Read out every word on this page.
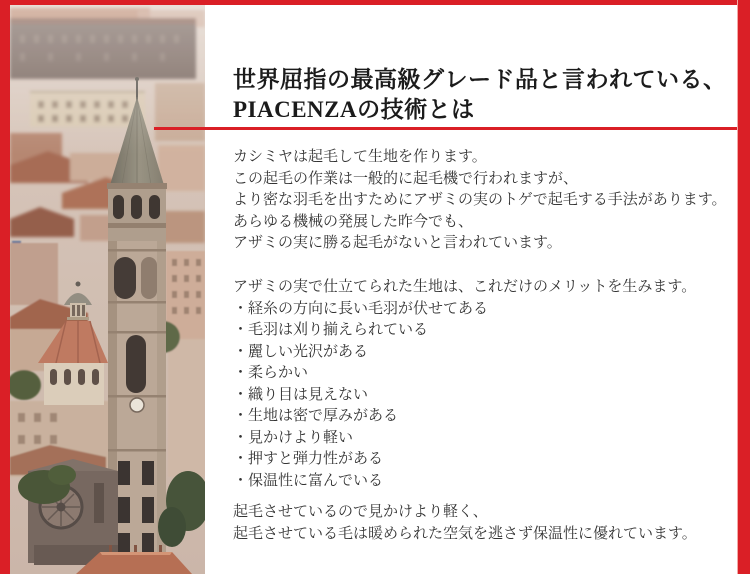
世界屈指の最高級グレード品と言われている、
PIACENZAの技術とは
カシミヤは起毛して生地を作ります。
この起毛の作業は一般的に起毛機で行われますが、
より密な羽毛を出すためにアザミの実のトゲで起毛する手法があります。
あらゆる機械の発展した昨今でも、
アザミの実に勝る起毛がないと言われています。
アザミの実で仕立てられた生地は、これだけのメリットを生みます。
・経糸の方向に長い毛羽が伏せてある
・毛羽は刈り揃えられている
・麗しい光沢がある
・柔らかい
・織り目は見えない
・生地は密で厚みがある
・見かけより軽い
・押すと弾力性がある
・保温性に富んでいる
起毛させているので見かけより軽く、
起毛させている毛は暖められた空気を逃さず保温性に優れています。
